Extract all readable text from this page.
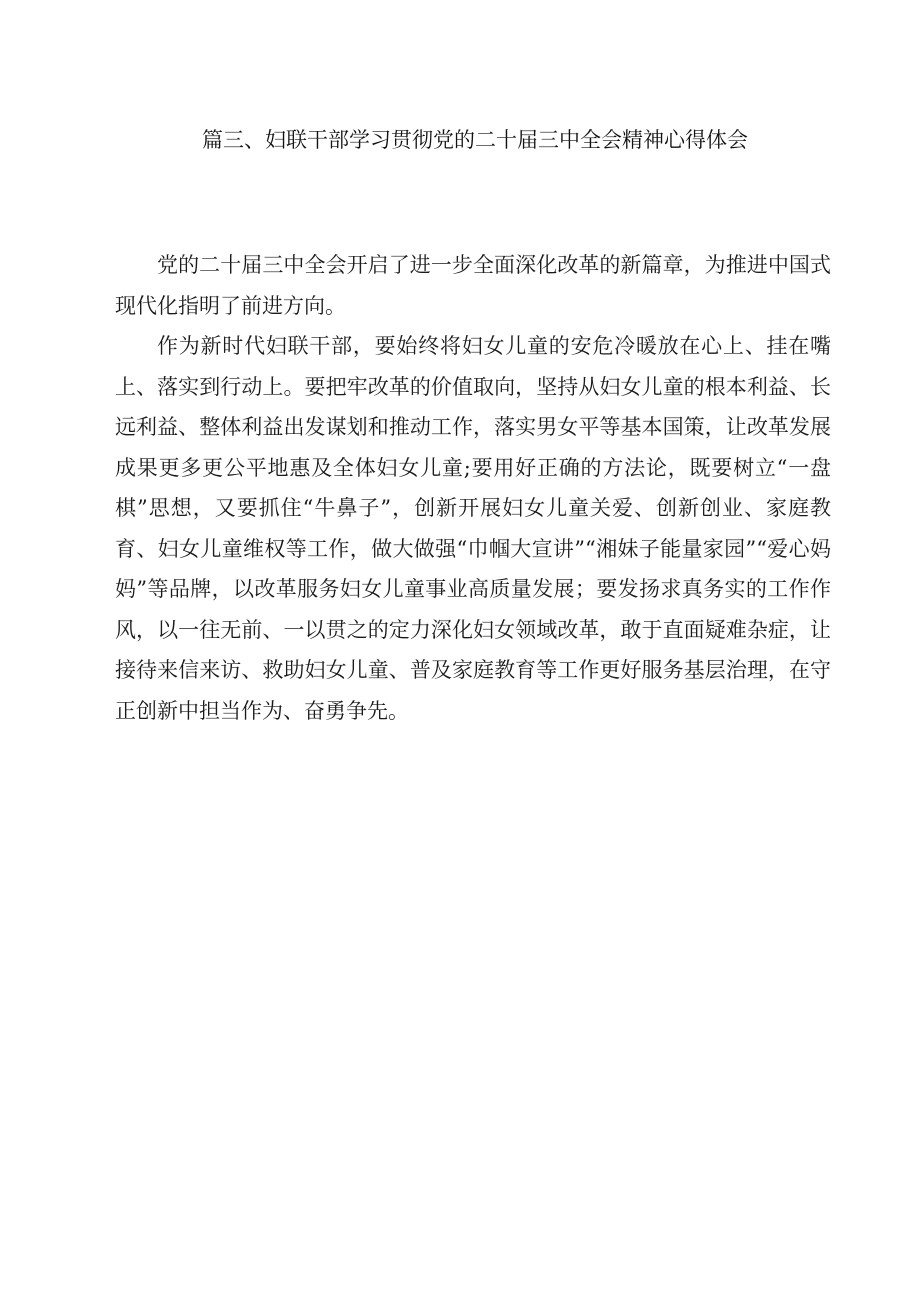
篇三、妇联干部学习贯彻党的二十届三中全会精神心得体会

党的二十届三中全会开启了进一步全面深化改革的新篇章，为推进中国式现代化指明了前进方向。

作为新时代妇联干部，要始终将妇女儿童的安危冷暖放在心上、挂在嘴上、落实到行动上。要把牢改革的价值取向，坚持从妇女儿童的根本利益、长远利益、整体利益出发谋划和推动工作，落实男女平等基本国策，让改革发展成果更多更公平地惠及全体妇女儿童;要用好正确的方法论，既要树立“一盘棋”思想，又要抓住“牛鼻子”，创新开展妇女儿童关爱、创新创业、家庭教育、妇女儿童维权等工作，做大做强“巾帼大宣讲”“湘妹子能量家园”“爱心妈妈”等品牌，以改革服务妇女儿童事业高质量发展；要发扬求真务实的工作作风，以一往无前、一以贯之的定力深化妇女领域改革，敢于直面疑难杂症，让接待来信来访、救助妇女儿童、普及家庭教育等工作更好服务基层治理，在守正创新中担当作为、奋勇争先。
